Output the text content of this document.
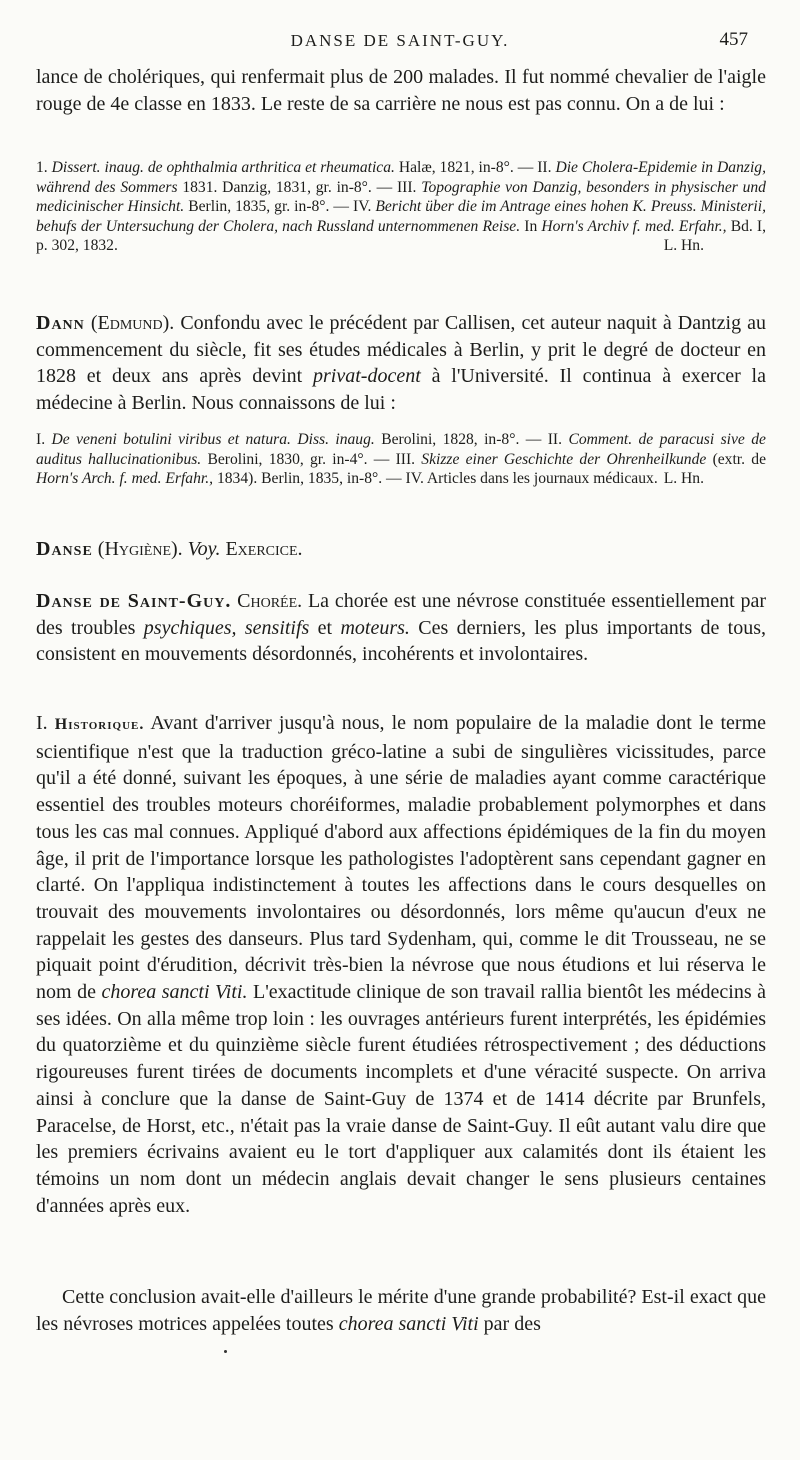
DANSE DE SAINT-GUY.	457
lance de cholériques, qui renfermait plus de 200 malades. Il fut nommé chevalier de l'aigle rouge de 4e classe en 1833. Le reste de sa carrière ne nous est pas connu. On a de lui :
1. Dissert. inaug. de ophthalmia arthritica et rheumatica. Halæ, 1821, in-8°. — II. Die Cholera-Epidemie in Danzig, während des Sommers 1831. Danzig, 1831, gr. in-8°. — III. Topographie von Danzig, besonders in physischer und medicinischer Hinsicht. Berlin, 1835, gr. in-8°. — IV. Bericht über die im Antrage eines hohen K. Preuss. Ministerii, behufs der Untersuchung der Cholera, nach Russland unternommenen Reise. In Horn's Archiv f. med. Erfahr., Bd. I, p. 302, 1832.	L. Hn.
Dann (Edmund). Confondu avec le précédent par Callisen, cet auteur naquit à Dantzig au commencement du siècle, fit ses études médicales à Berlin, y prit le degré de docteur en 1828 et deux ans après devint privat-docent à l'Université. Il continua à exercer la médecine à Berlin. Nous connaissons de lui :
I. De veneni botulini viribus et natura. Diss. inaug. Berolini, 1828, in-8°. — II. Comment. de paracusi sive de auditus hallucinationibus. Berolini, 1830, gr. in-4°. — III. Skizze einer Geschichte der Ohrenheilkunde (extr. de Horn's Arch. f. med. Erfahr., 1834). Berlin, 1835, in-8°. — IV. Articles dans les journaux médicaux. L. Hn.
Danse (Hygiène). Voy. Exercice.
Danse de Saint-Guy. Chorée. La chorée est une névrose constituée essentiellement par des troubles psychiques, sensitifs et moteurs. Ces derniers, les plus importants de tous, consistent en mouvements désordonnés, incohérents et involontaires.
I. Historique. Avant d'arriver jusqu'à nous, le nom populaire de la maladie dont le terme scientifique n'est que la traduction gréco-latine a subi de singulières vicissitudes, parce qu'il a été donné, suivant les époques, à une série de maladies ayant comme caractérique essentiel des troubles moteurs choréiformes, maladie probablement polymorphes et dans tous les cas mal connues. Appliqué d'abord aux affections épidémiques de la fin du moyen âge, il prit de l'importance lorsque les pathologistes l'adoptèrent sans cependant gagner en clarté. On l'appliqua indistinctement à toutes les affections dans le cours desquelles on trouvait des mouvements involontaires ou désordonnés, lors même qu'aucun d'eux ne rappelait les gestes des danseurs. Plus tard Sydenham, qui, comme le dit Trousseau, ne se piquait point d'érudition, décrivit très-bien la névrose que nous étudions et lui réserva le nom de chorea sancti Viti. L'exactitude clinique de son travail rallia bientôt les médecins à ses idées. On alla même trop loin : les ouvrages antérieurs furent interprétés, les épidémies du quatorzième et du quinzième siècle furent étudiées rétrospectivement ; des déductions rigoureuses furent tirées de documents incomplets et d'une véracité suspecte. On arriva ainsi à conclure que la danse de Saint-Guy de 1374 et de 1414 décrite par Brunfels, Paracelse, de Horst, etc., n'était pas la vraie danse de Saint-Guy. Il eût autant valu dire que les premiers écrivains avaient eu le tort d'appliquer aux calamités dont ils étaient les témoins un nom dont un médecin anglais devait changer le sens plusieurs centaines d'années après eux.
Cette conclusion avait-elle d'ailleurs le mérite d'une grande probabilité? Est-il exact que les névroses motrices appelées toutes chorea sancti Viti par des
